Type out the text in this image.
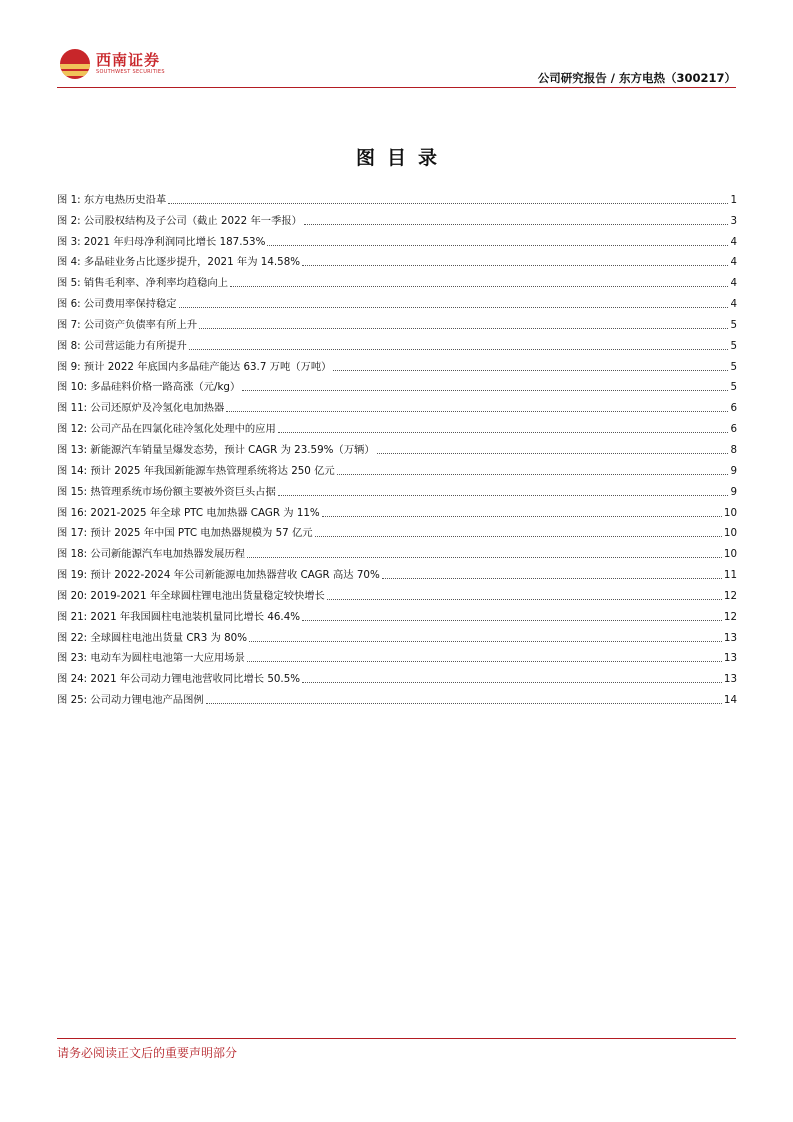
西南证券
SOUTHWEST SECURITIES	公司研究报告 / 东方电热（300217）
图目录
图 1: 东方电热历史沿革	1
图 2: 公司股权结构及子公司（截止 2022 年一季报）	3
图 3: 2021 年归母净利润同比增长 187.53%	4
图 4: 多晶硅业务占比逐步提升，2021 年为 14.58%	4
图 5: 销售毛利率、净利率均趋稳向上	4
图 6: 公司费用率保持稳定	4
图 7: 公司资产负债率有所上升	5
图 8: 公司营运能力有所提升	5
图 9: 预计 2022 年底国内多晶硅产能达 63.7 万吨（万吨）	5
图 10: 多晶硅料价格一路高涨（元/kg）	5
图 11: 公司还原炉及冷氢化电加热器	6
图 12: 公司产品在四氯化硅冷氢化处理中的应用	6
图 13: 新能源汽车销量呈爆发态势，预计 CAGR 为 23.59%（万辆）	8
图 14: 预计 2025 年我国新能源车热管理系统将达 250 亿元	9
图 15: 热管理系统市场份额主要被外资巨头占据	9
图 16: 2021-2025 年全球 PTC 电加热器 CAGR 为 11%	10
图 17: 预计 2025 年中国 PTC 电加热器规模为 57 亿元	10
图 18: 公司新能源汽车电加热器发展历程	10
图 19: 预计 2022-2024 年公司新能源电加热器营收 CAGR 高达 70%	11
图 20: 2019-2021 年全球圆柱锂电池出货量稳定较快增长	12
图 21: 2021 年我国圆柱电池装机量同比增长 46.4%	12
图 22: 全球圆柱电池出货量 CR3 为 80%	13
图 23: 电动车为圆柱电池第一大应用场景	13
图 24: 2021 年公司动力锂电池营收同比增长 50.5%	13
图 25: 公司动力锂电池产品图例	14
请务必阅读正文后的重要声明部分
